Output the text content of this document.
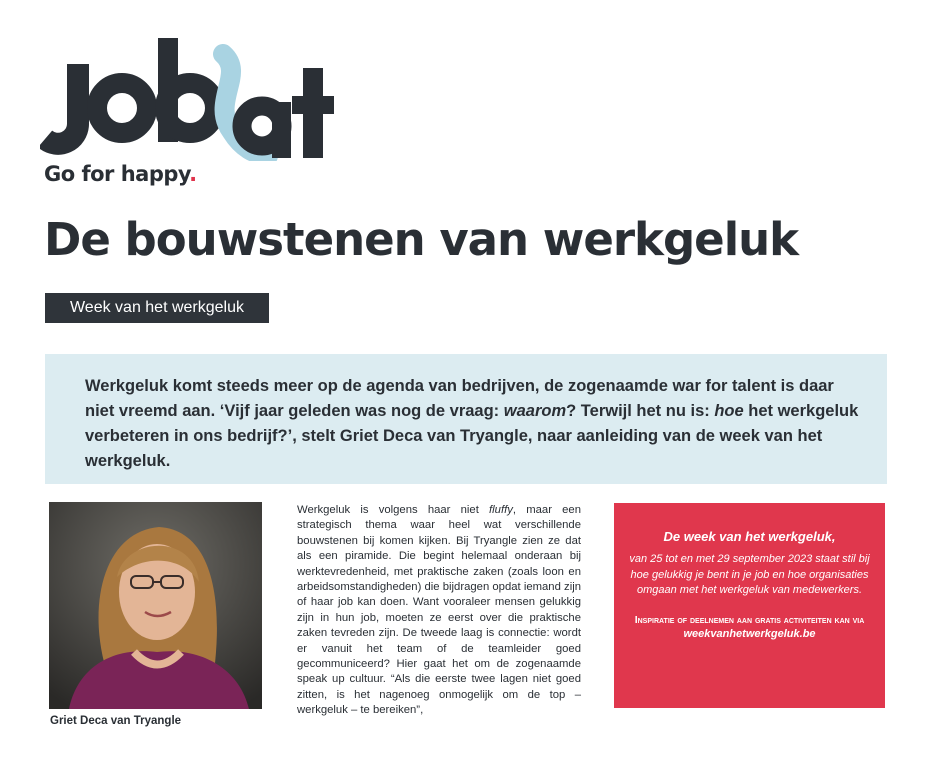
Go for happy.
De bouwstenen van werkgeluk
Week van het werkgeluk

Werkgeluk komt steeds meer op de agenda van bedrijven, de zogenaamde war for talent is daar niet vreemd aan. ‘Vijf jaar geleden was nog de vraag: waarom? Terwijl het nu is: hoe het werkgeluk verbeteren in ons bedrijf?’, stelt Griet Deca van Tryangle, naar aanleiding van de week van het werkgeluk.

Griet Deca van Tryangle

Werkgeluk is volgens haar niet fluffy, maar een strategisch thema waar heel wat verschillende bouwstenen bij komen kijken. Bij Tryangle zien ze dat als een piramide. Die begint helemaal onderaan bij werktevredenheid, met praktische zaken (zoals loon en arbeidsomstandigheden) die bijdragen opdat iemand zijn of haar job kan doen. Want vooraleer mensen gelukkig zijn in hun job, moeten ze eerst over die praktische zaken tevreden zijn. De tweede laag is connectie: wordt er vanuit het team of de teamleider goed gecommuniceerd? Hier gaat het om de zogenaamde speak up cultuur. “Als die eerste twee lagen niet goed zitten, is het nagenoeg onmogelijk om de top – werkgeluk – te bereiken”,

De week van het werkgeluk,

van 25 tot en met 29 september 2023 staat stil bij hoe gelukkig je bent in je job en hoe organisaties omgaan met het werkgeluk van medewerkers.

Inspiratie of deelnemen aan gratis activiteiten kan via

weekvanhetwerkgeluk.be
